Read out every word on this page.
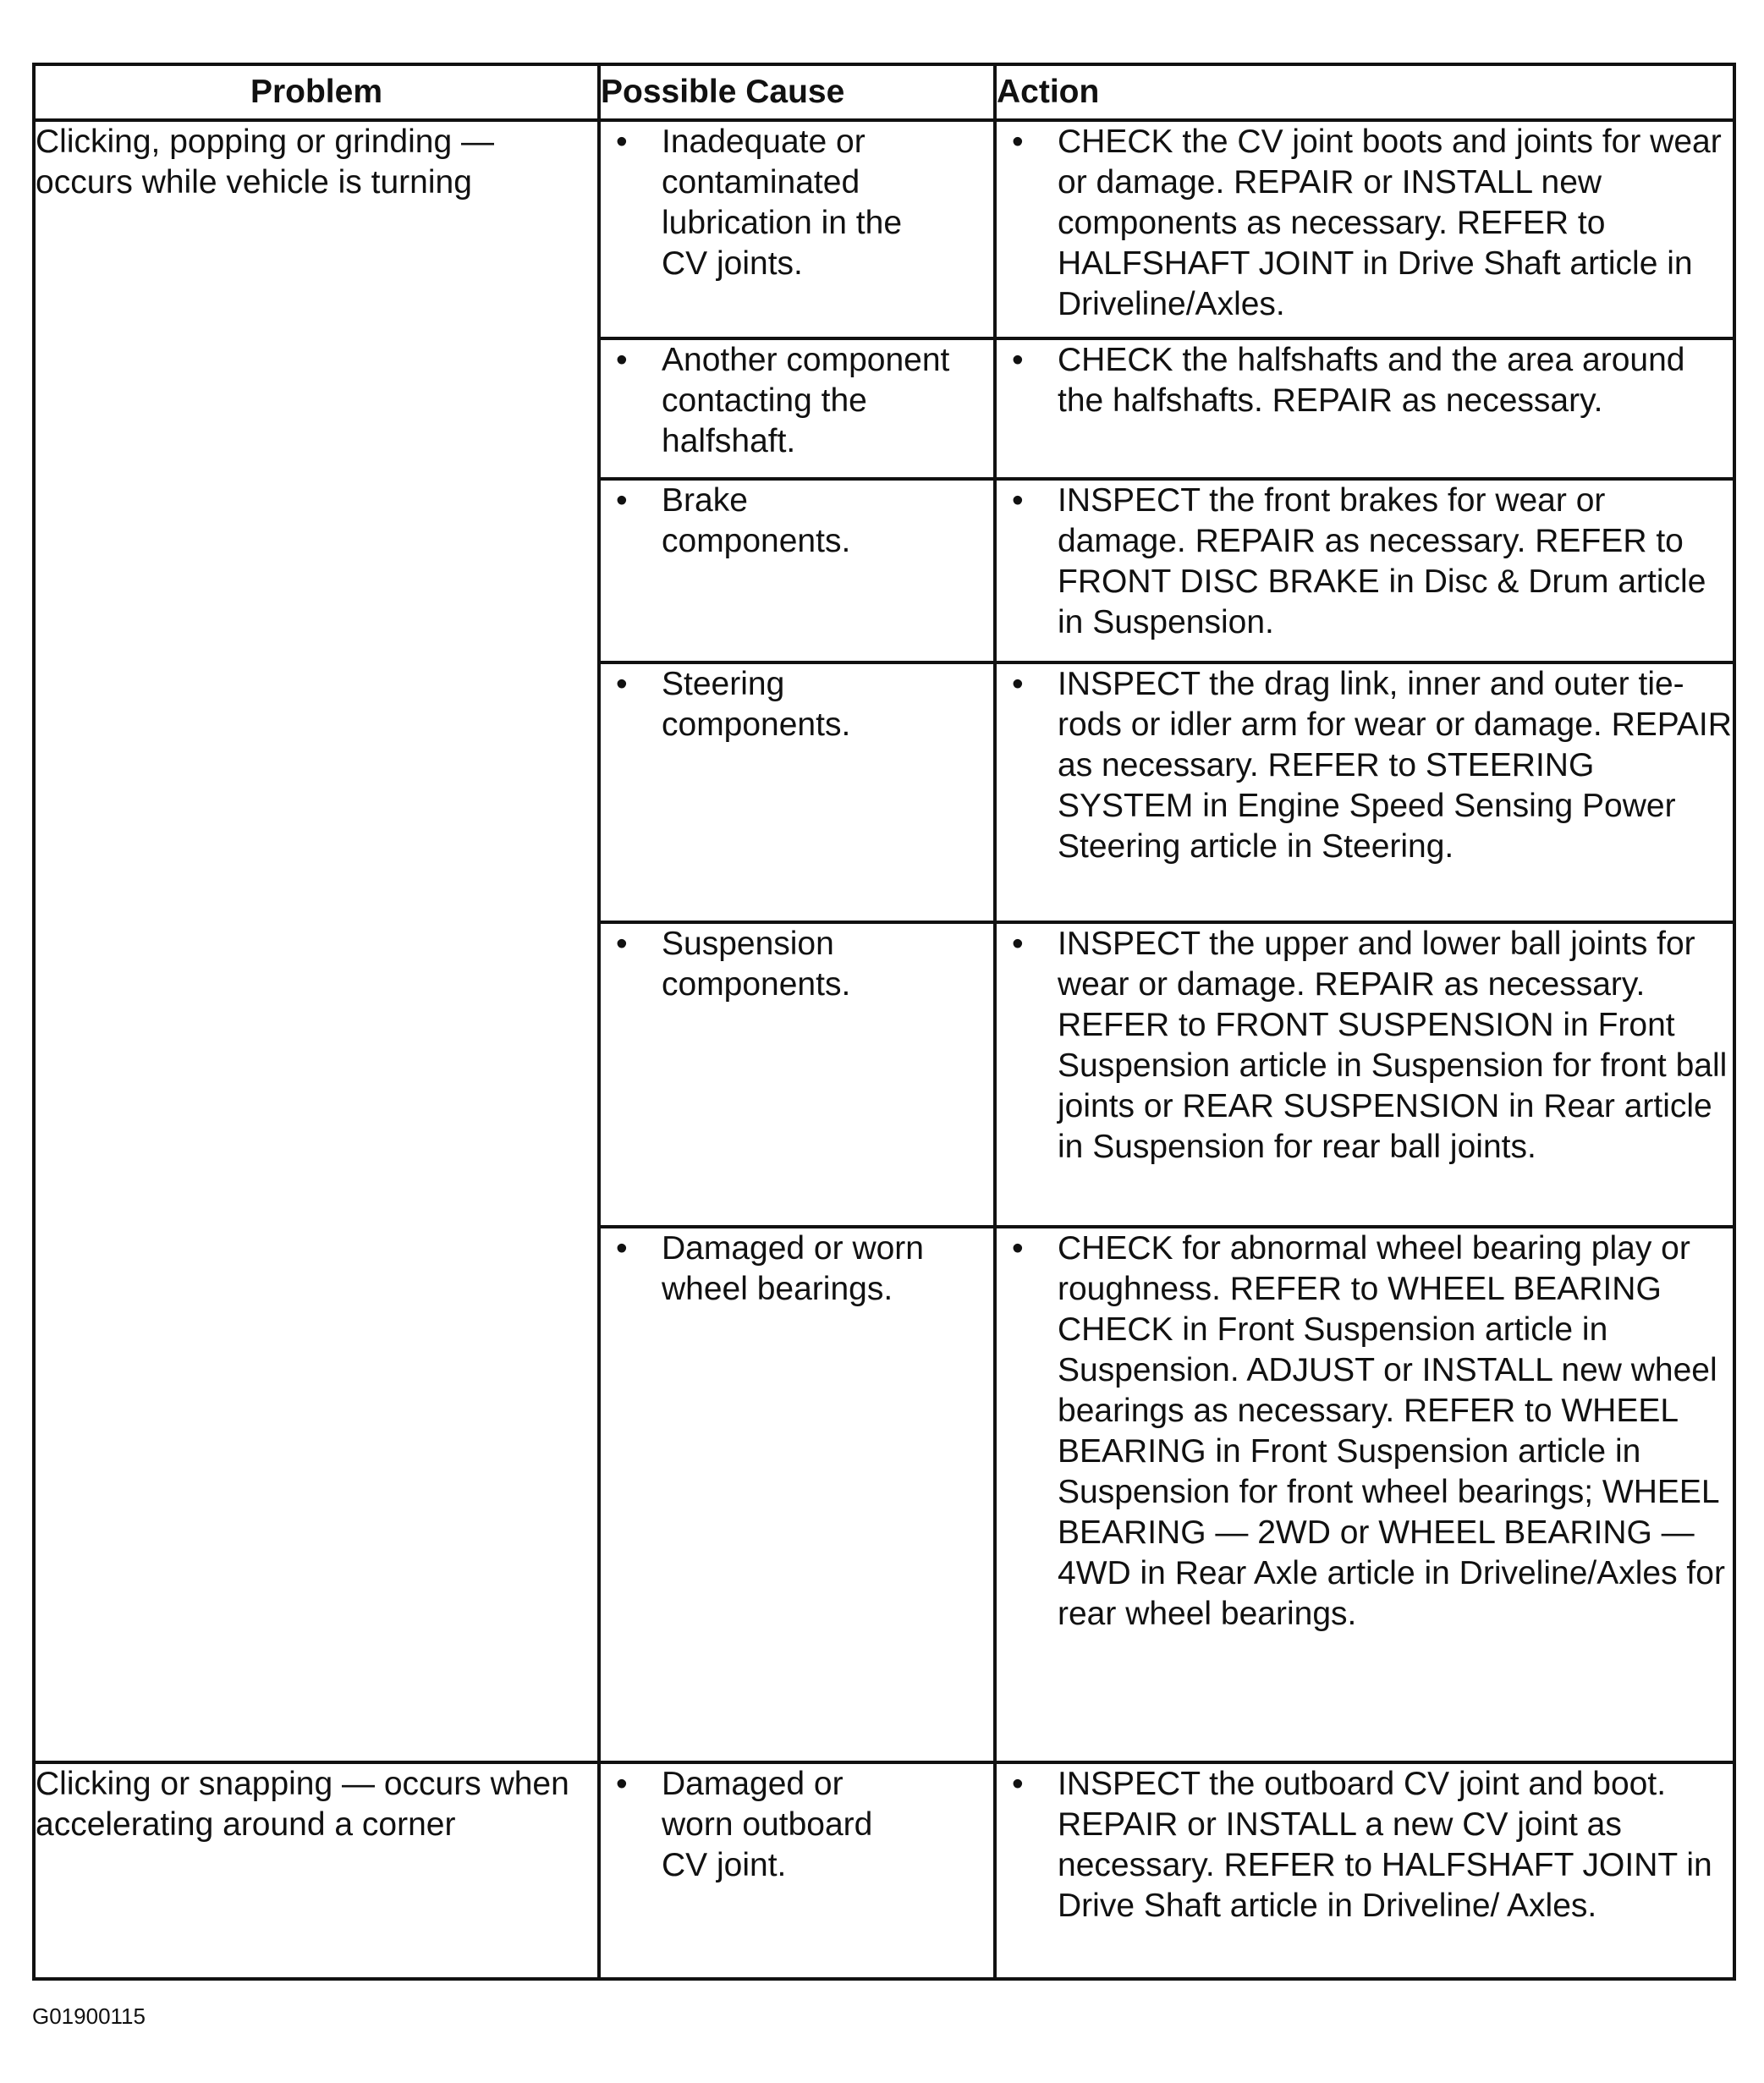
Problem	Possible Cause	Action

Clicking, popping or grinding — occurs while vehicle is turning	• Inadequate or contaminated lubrication in the CV joints.	• CHECK the CV joint boots and joints for wear or damage. REPAIR or INSTALL new components as necessary. REFER to HALFSHAFT JOINT in Drive Shaft article in Driveline/Axles.

	• Another component contacting the halfshaft.	• CHECK the halfshafts and the area around the halfshafts. REPAIR as necessary.

	• Brake components.	• INSPECT the front brakes for wear or damage. REPAIR as necessary. REFER to FRONT DISC BRAKE in Disc & Drum article in Suspension.

	• Steering components.	• INSPECT the drag link, inner and outer tie-rods or idler arm for wear or damage. REPAIR as necessary. REFER to STEERING SYSTEM in Engine Speed Sensing Power Steering article in Steering.

	• Suspension components.	• INSPECT the upper and lower ball joints for wear or damage. REPAIR as necessary. REFER to FRONT SUSPENSION in Front Suspension article in Suspension for front ball joints or REAR SUSPENSION in Rear article in Suspension for rear ball joints.

	• Damaged or worn wheel bearings.	• CHECK for abnormal wheel bearing play or roughness. REFER to WHEEL BEARING CHECK in Front Suspension article in Suspension. ADJUST or INSTALL new wheel bearings as necessary. REFER to WHEEL BEARING in Front Suspension article in Suspension for front wheel bearings; WHEEL BEARING — 2WD or WHEEL BEARING — 4WD in Rear Axle article in Driveline/Axles for rear wheel bearings.

Clicking or snapping — occurs when accelerating around a corner	• Damaged or worn outboard CV joint.	• INSPECT the outboard CV joint and boot. REPAIR or INSTALL a new CV joint as necessary. REFER to HALFSHAFT JOINT in Drive Shaft article in Driveline/ Axles.
G01900115
